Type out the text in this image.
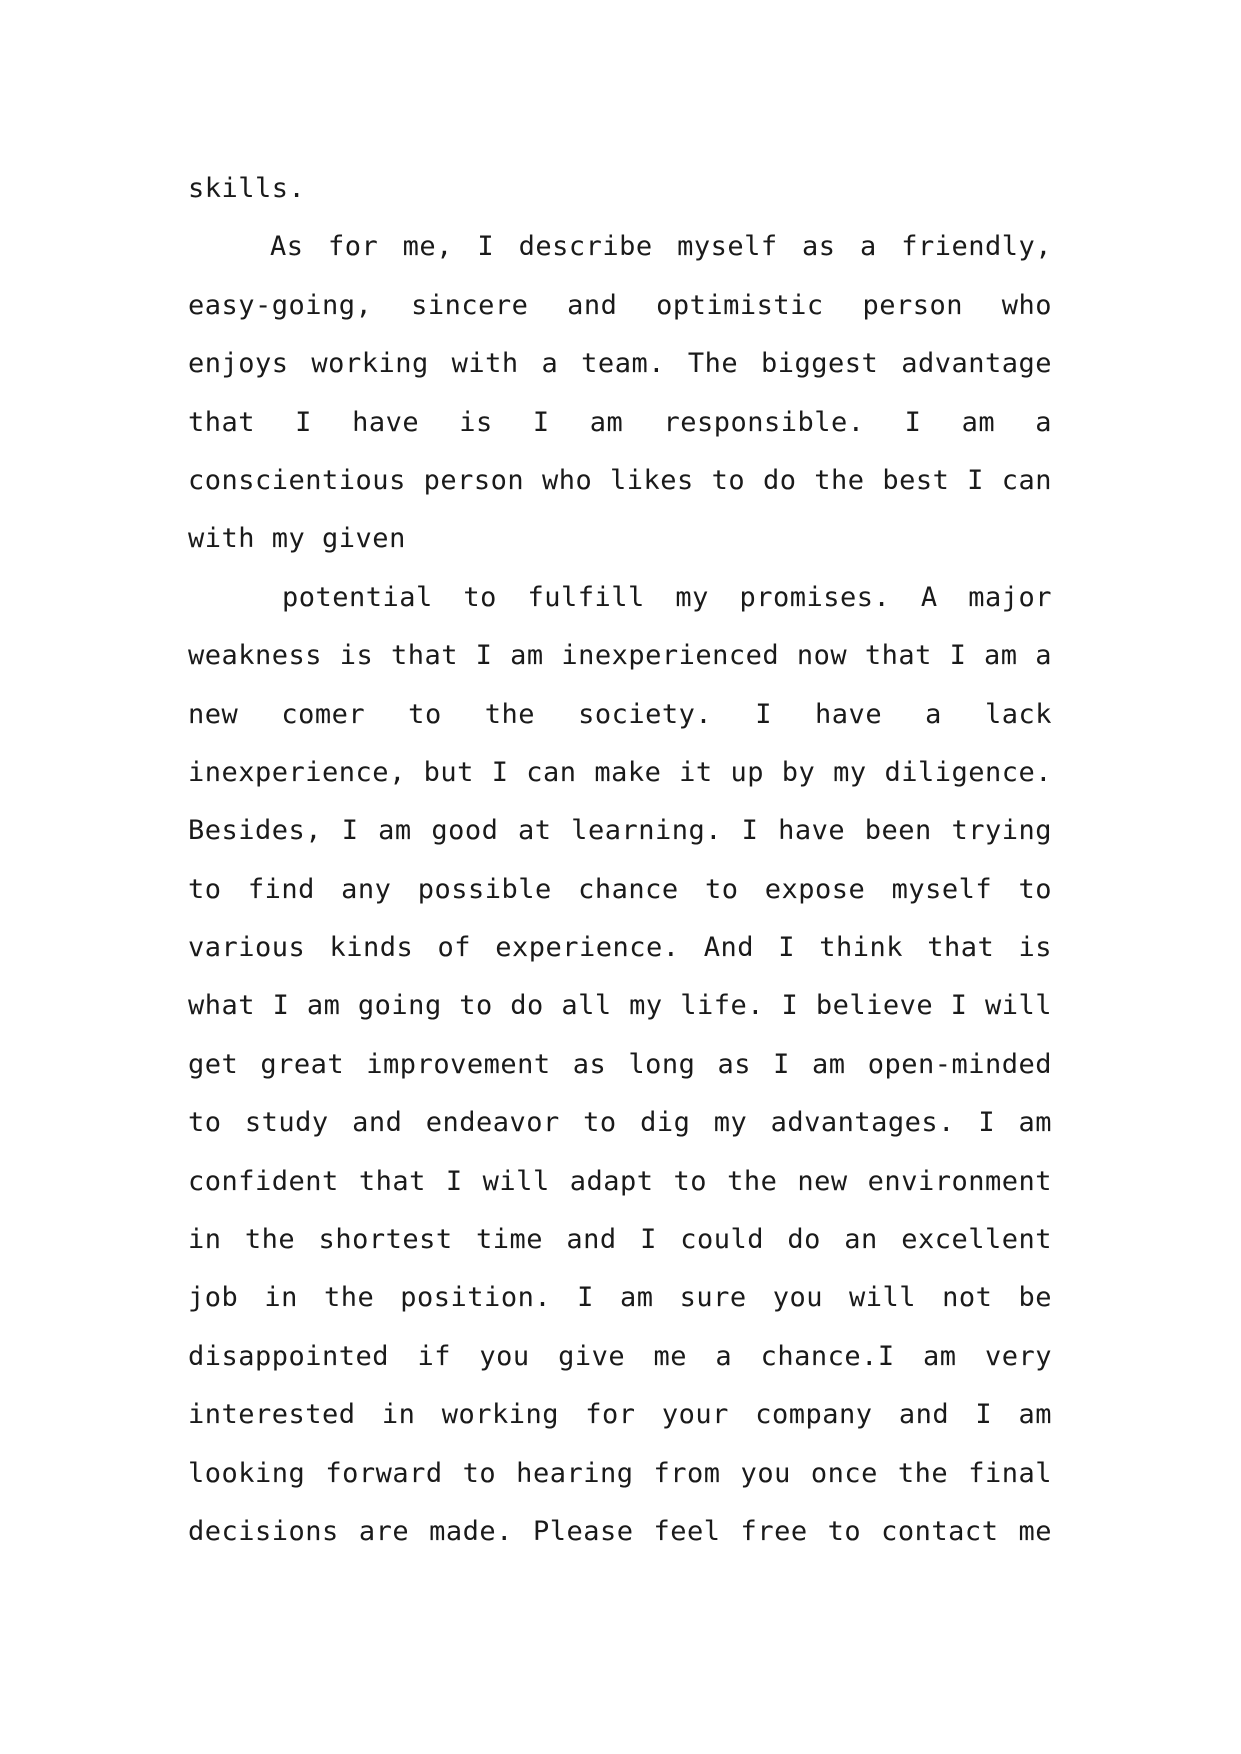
skills.
As for me, I describe myself as a friendly,
easy-going, sincere and optimistic person who
enjoys working with a team. The biggest advantage
that I have is I am responsible. I am a
conscientious person who likes to do the best I can
with my given
potential to fulfill my promises. A major
weakness is that I am inexperienced now that I am a
new comer to the society. I have a lack
inexperience, but I can make it up by my diligence.
Besides, I am good at learning. I have been trying
to find any possible chance to expose myself to
various kinds of experience. And I think that is
what I am going to do all my life. I believe I will
get great improvement as long as I am open-minded
to study and endeavor to dig my advantages. I am
confident that I will adapt to the new environment
in the shortest time and I could do an excellent
job in the position. I am sure you will not be
disappointed if you give me a chance.I am very
interested in working for your company and I am
looking forward to hearing from you once the final
decisions are made. Please feel free to contact me
